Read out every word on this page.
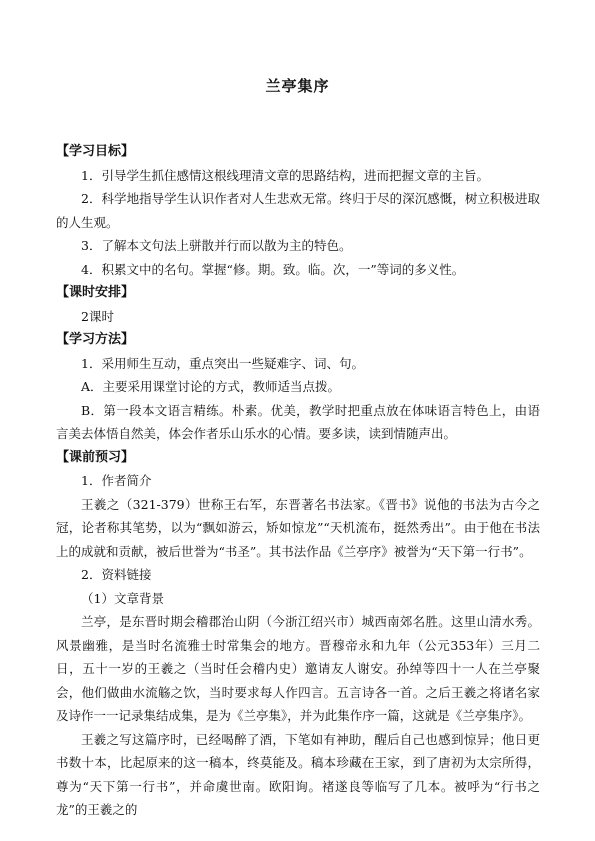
兰亭集序

【学习目标】

1．引导学生抓住感情这根线理清文章的思路结构，进而把握文章的主旨。

2．科学地指导学生认识作者对人生悲欢无常。终归于尽的深沉感慨，树立积极进取的人生观。

3．了解本文句法上骈散并行而以散为主的特色。

4．积累文中的名句。掌握“修。期。致。临。次，一”等词的多义性。

【课时安排】

2课时

【学习方法】

1．采用师生互动，重点突出一些疑难字、词、句。

A．主要采用课堂讨论的方式，教师适当点拨。

B．第一段本文语言精练。朴素。优美，教学时把重点放在体味语言特色上，由语言美去体悟自然美，体会作者乐山乐水的心情。要多读，读到情随声出。

【课前预习】

1．作者简介

王羲之（321-379）世称王右军，东晋著名书法家。《晋书》说他的书法为古今之冠，论者称其笔势，以为“飘如游云，矫如惊龙”“天机流布，挺然秀出”。由于他在书法上的成就和贡献，被后世誉为“书圣”。其书法作品《兰亭序》被誉为“天下第一行书”。

2．资料链接

（1）文章背景

兰亭，是东晋时期会稽郡治山阴（今浙江绍兴市）城西南郊名胜。这里山清水秀。风景幽雅，是当时名流雅士时常集会的地方。晋穆帝永和九年（公元353年）三月二日，五十一岁的王羲之（当时任会稽内史）邀请友人谢安。孙绰等四十一人在兰亭聚会，他们做曲水流觞之饮，当时要求每人作四言。五言诗各一首。之后王羲之将诸名家及诗作一一记录集结成集，是为《兰亭集》，并为此集作序一篇，这就是《兰亭集序》。

王羲之写这篇序时，已经喝醉了酒，下笔如有神助，醒后自己也感到惊异；他日更书数十本，比起原来的这一稿本，终莫能及。稿本珍藏在王家，到了唐初为太宗所得，尊为“天下第一行书”，并命虞世南。欧阳询。褚遂良等临写了几本。被呼为“行书之龙”的王羲之的
